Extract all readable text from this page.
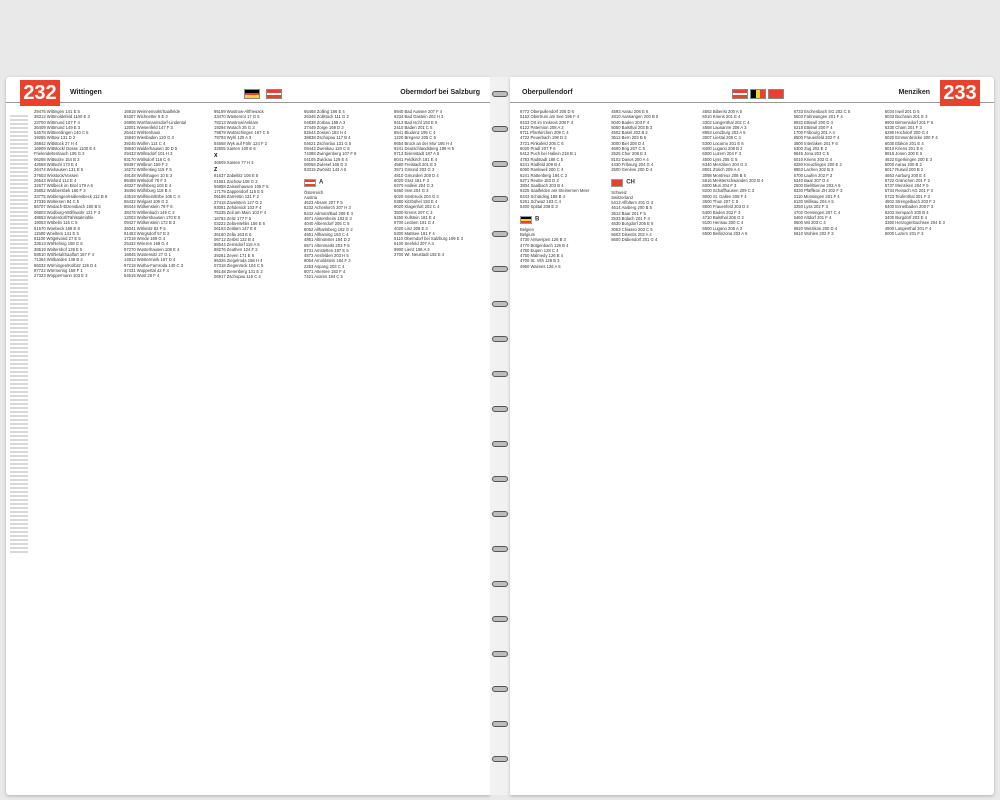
232	Wittingen	Obermdorf bei Salzburg

29475 Wittingen 141 E 5

38312 Wittmoldefeld 1100 E 3

23700 Wittmund 107 F 4

26409 Wittmund 149 E 3

54578 Wittnerdingen 140 C 5

19255 Wittow 131 D 2

26842 Wittstock 27 H 4

16909 Wittstock/ Dosse 1100 E 4

Frielendeltentauch 106 G 3

06288 Wittsulze 154 B 3

42659 Wittsuhl 173 E 4

26474 Wixhausen 131 E 5

37603 Wixstock/Vossen

26543 Wixford 112 E 4

32677 Wölbeck im Eitel 179 A 6

25852 Wobbersbek 160 F 3

33775 Woblengen/Hallensbeck 112 B 6

37336 Woltersen 84 C 5

66707 Wodach-Elzensbach 180 B 5

06803 Wodburg-Wölfswohr 121 F 3

48653 Woderdorf/Fählstalmühle

19053 Wöbelin 116 C 5

51570 Woebeck 168 E 8

11580 Woeltern 141 E 5

61100 Wögelvand 27 E 5

33613 Wöhlehnig 158 G 6

38519 Woltershof 139 E 5

58510 Wöhletal/Saalfurt 167 F 4

71364 Wölbarden 148 B 4

86032 Wörningen/Kolbitz 126 D 4

87722 Wörmering 158 F 1

27323 Woppermann 103 E 3

16818 Weinnemarkt/Saalfelde

84307 Wichnetter 9 E 3

26906 Worthmannsdorf-Lindental

12001 Wiesenfeld 147 F 3

26442 Wöhlenhaus

15840 Wiesbaden 120 G 3

39245 Wolfen 114 C 4

38640 Walderhausen 30 D 5

29433 Wöllnsdorf 101 H 3

93170 Wöllsdorf 116 C 6

59497 Wölbrun 159 F 2

16272 Wölfentieg 115 F 5

49148 Wolfshagen 10 E 3

96489 Wölsdorf 76 F 3

48327 Wolfsberg 103 E 4

38456 Wolfsburg 118 B 4

43519 Wolfstein/Erbe 106 C 4

56432 Wolgast 106 G 2

98444 Wolkenstein 79 F 6

38476 Wöllenbach 149 C 2

12003 Woltershausen 170 E 5

09427 Wolkenstein 172 B 3

36041 Wölsnitz 82 F 5

91453 Würgsdorf 57 E 2

17219 Wrede 169 G 4

25432 Wriezen 169 G 4

97270 Wusterhausen 108 E 4

16845 Wusterwitz 27 G 1

14913 Wüstermark 167 D 4

97218 Wutha-Farnroda 140 C 3

37431 Wuppertal 42 F 4

54516 Wust 26 F 4

95189 Wustrow-Altfriesack

33470 Wüstenrot 17 G 5

78213 Wustrow/Anklam

19294 Wutach 25 G 3

79879 Wutöschingen 167 C 5

79793 Wyhl 120 A 3

84568 Wyk auf Föhr 124 F 2

32805 Xanten 100 E 6

X

46509 Xanten 77 H 4

Z

91637 Zabeltitz 106 E 5

01561 Zachow 108 G 2

56858 Zaisenhausen 105 F 5

17179 Zappendorf 115 E 5

06198 Zarrentin 131 F 2

27418 Zavelstein 127 G 2

93051 Zehdenick 103 F 4

75335 Zeil am Main 103 F 4

16782 Zeitz 177 F 5

03222 Zella-Mehlis 156 E 6

06193 Zeitlarn 147 E 6

36160 Zella 163 E 6

06712 Zerbst 132 B 4

98544 Zernsdorf 118 A 5

88276 Zeuthen 124 F 2

39261 Zeven 171 E 6

95326 Ziegelroda 168 H 4

07318 Ziegenrück 104 C 5

96148 Zierenberg 131 E 2

06917 Zschopau 115 C 4

65468 Zolling 186 E 4

26346 Zollstock 111 G 2

04838 Zorbau 168 A 3

37449 Zorge 169 D 3

82544 Zossen 183 H 4

38838 Zschopau 117 B 4

04621 Zschorlau 131 G 5

09443 Zwenkau 120 C 5

74388 Zwingenberg 107 F 6

04105 Zwickau 129 E 4

08058 Zwiesel 166 D 3

93315 Zwönitz 143 A 5

A

Österreich

Austria

4623 Absam 207 F 5

6232 Achenkirch 207 H 3

8442 Admont/Bad 208 E 4

4671 Aistersheim 183 E 3

4040 Alberndorf 205 C 5

8052 Allhartsberg 182 G 2

4651 Allhaming 193 C 4

4861 Altmünster 194 D 2

6571 Altenmarkt 203 F 5

8731 Amstetten 197 E 5

4873 Ansfelden 203 H 5

8054 Arnoldstein 184 F 3

2253 Aspang 203 C 4

8071 Attersee 183 F 4

7421 Axams 194 C 5

8940 Bad Aussee 207 F 4

6234 Bad Gastein 202 H 3

9413 Bad Ischl 193 E 5

2410 Baden 201 C 5

8541 Bludenz 195 C 4

1220 Bregenz 205 C 5

8654 Bruck an der Mur 185 H 4

9241 Deutschlandsberg 196 H 5

9713 Eisenstadt 197 A 5

8041 Feldkirch 181 E 4

4580 Freistadt 201 E 3

3571 Gmünd 203 G 3

4810 Gmunden 200 D 4

8020 Graz 181 F 3

6370 Hallein 204 G 3

6460 Imst 204 G 3

6020 Innsbruck 204 G 3

6380 Kitzbühel 193 E 4

9020 Klagenfurt 202 C 4

3500 Krems 207 C 3

6250 Kufstein 181 E 4

8700 Leoben 191 G 4

4020 Linz 208 E 3

5300 Mattsee 191 F 4

5110 Oberndorf bei Salzburg 199 E 3

6100 Seefeld 207 A 4

9900 Lienz 196 A 3

2700 Wr. Neustadt 192 E 4

Oberpullendorf	Menziken 233

6772 Oberpullendorf 206 D 6

5152 Obertrum am See 195 F 4

9433 Ort im Innkreis 208 F 4

6122 Paternion 208 A 3

9711 Pfarrkirchen 209 C 4

4722 Peuerbach 198 D 3

3721 Pinkafeld 205 C 6

6020 Pradl 207 F 6

5412 Puch bei Hallein 218 B 1

4783 Radstadt 188 C 5

6241 Radfeld 209 B 4

6060 Rankweil 200 C 4

6241 Rattenberg 184 C 2

6271 Reutte 183 D 3

3804 Saalbach 203 B 4

9225 Saalfelden am Steinernen Meer

8443 Schärding 188 B 4

5261 Schwaz 183 C 4

5400 Spittal 208 E 3

B

Belgien

Belgium

4730 Antwerpen 126 B 3

4770 Bütgenbach 126 B 4

4780 Eupen 128 C 4

4750 Malmedy 126 B 4

4700 St. Vith 126 B 3

4950 Waimes 126 A 5

4593 Aarau 206 E 6

4810 Aarwangen 200 B 5

5040 Baden 203 F 4

5050 Balsthal 203 B 3

4502 Basel 202 B 2

3612 Bern 203 B 6

3000 Biel 208 D 4

4600 Brig 207 C 5

2525 Chur 208 E 3

8102 Davos 200 A 4

4430 Fribourg 204 G 4

2500 Genève 200 D 4

CH

Schweiz

Switzerland

5413 Affoltern 201 G 3

4614 Aarberg 200 B 5

3612 Baar 201 F 5

2533 Bülach 201 F 4

4630 Burgdorf 205 E 5

3053 Chiasso 203 C 5

5603 Disentis 202 A 4

8600 Dübendorf 201 G 4

4562 Biberist 200 A 5

6010 Kriens 201 E 4

3302 Langenthal 202 C 4

4558 Lausanne 208 A 3

8953 Lenzburg 203 A 5

3007 Liestal 206 C 4

5300 Locarno 201 E 6

8400 Lugano 208 B 2

6000 Luzern 204 F 3

4500 Lyss 205 G 5

6340 Menziken 204 G 3

8001 Zürich 209 A 4

3098 Montreux 208 B 5

5616 Meisterschwanden 202 B 4

6000 Muri 204 F 3

8200 Schaffhausen 209 C 3

9000 St. Gallen 208 F 4

3600 Thun 207 C 5

8500 Frauenfeld 203 D 4

5400 Baden 202 F 3

4710 Balsthal 206 G 2

9100 Herisau 200 C 4

6900 Lugano 206 A 3

6500 Bellinzona 203 A 6

8733 Eschenbach SG 202 C 5

5603 Fahrwangen 201 F 4

8932 Ettiswil 200 D 4

6218 Ettiswil 200 F 4

1700 Fribourg 201 A 4

8500 Frauenfeld 202 F 4

3800 Interlaken 201 F 6

6300 Zug 202 E 2

8645 Jona 203 C 5

6010 Kriens 203 G 4

8280 Kreuzlingen 200 E 2

8853 Lachen 202 B 3

6700 Laufen 202 F 3

6340 Baar 207 D 4

2500 Biel/Bienne 203 A 6

8330 Pfäffikon ZH 202 F 3

3110 Münsingen 201 F 4

6130 Willisau 204 A 5

3250 Lyss 202 F 3

4702 Oensingen 207 C 4

6460 Altdorf 201 F 4

9500 Wil 203 C 4

8620 Wetzikon 200 D 4

5610 Wohlen 202 F 3

6034 Inwil 201 D 5

6033 Buchrain 201 E 3

8903 Birmensdorf 201 F 5

6330 Cham 201 F 3

6280 Hochdorf 200 G 4

6020 Emmenbrücke 200 F 4

6030 Ebikon 201 E 4

6010 Kriens 201 E 6

8916 Jonen 200 E 5

4622 Egerkingen 200 E 3

5000 Aarau 200 B 2

6017 Ruswil 200 B 2

4663 Aarburg 200 E 4

5722 Gränichen 201 F 2

5737 Menziken 204 F 5

5734 Reinach AG 201 F 3

5723 Teufenthal 201 F 3

4802 Strengelbach 203 F 2

5400 Ennetbaden 200 F 3

6203 Sempach 200 B 4

3400 Burgdorf 203 E 4

3360 Herzogenbuchsee 204 E 3

4900 Langenthal 201 F 4

6000 Luzern 201 F 3
